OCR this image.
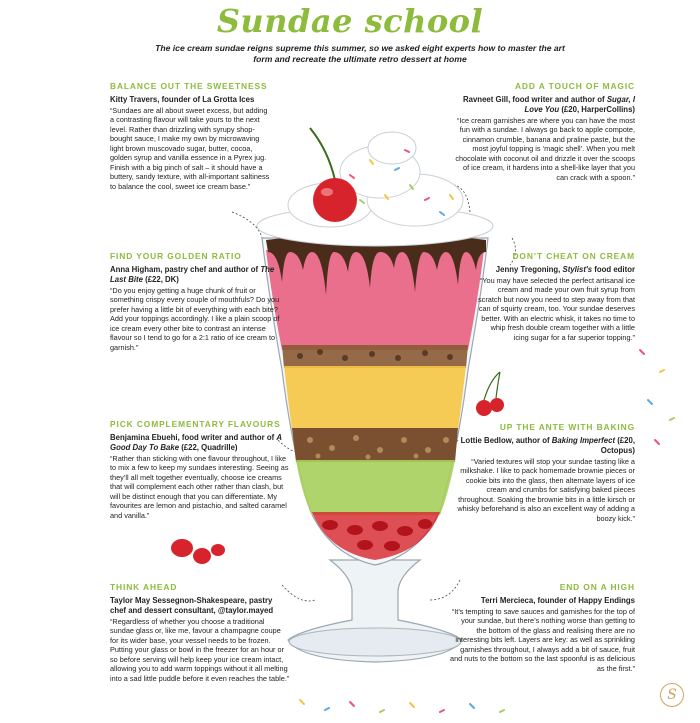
Sundae school
The ice cream sundae reigns supreme this summer, so we asked eight experts how to master the art form and recreate the ultimate retro dessert at home
BALANCE OUT THE SWEETNESS
Kitty Travers, founder of La Grotta Ices
“Sundaes are all about sweet excess, but adding a contrasting flavour will take yours to the next level. Rather than drizzling with syrupy shop-bought sauce, I make my own by microwaving light brown muscovado sugar, butter, cocoa, golden syrup and vanilla essence in a Pyrex jug. Finish with a big pinch of salt – it should have a buttery, sandy texture, with all-important saltiness to balance the cool, sweet ice cream base.”
ADD A TOUCH OF MAGIC
Ravneet Gill, food writer and author of Sugar, I Love You (£20, HarperCollins)
“Ice cream garnishes are where you can have the most fun with a sundae. I always go back to apple compote, cinnamon crumble, banana and praline paste, but the most joyful topping is ‘magic shell’. When you melt chocolate with coconut oil and drizzle it over the scoops of ice cream, it hardens into a shell-like layer that you can crack with a spoon.”
FIND YOUR GOLDEN RATIO
Anna Higham, pastry chef and author of The Last Bite (£22, DK)
“Do you enjoy getting a huge chunk of fruit or something crispy every couple of mouthfuls? Do you prefer having a little bit of everything with each bite? Add your toppings accordingly. I like a plain scoop of ice cream every other bite to contrast an intense flavour so I tend to go for a 2:1 ratio of ice cream to garnish.”
DON’T CHEAT ON CREAM
Jenny Tregoning, Stylist's food editor
“You may have selected the perfect artisanal ice cream and made your own fruit syrup from scratch but now you need to step away from that can of squirty cream, too. Your sundae deserves better. With an electric whisk, it takes no time to whip fresh double cream together with a little icing sugar for a far superior topping.”
PICK COMPLEMENTARY FLAVOURS
Benjamina Ebuehi, food writer and author of A Good Day To Bake (£22, Quadrille)
“Rather than sticking with one flavour throughout, I like to mix a few to keep my sundaes interesting. Seeing as they’ll all melt together eventually, choose ice creams that will complement each other rather than clash, but will be distinct enough that you can differentiate. My favourites are lemon and pistachio, and salted caramel and vanilla.”
UP THE ANTE WITH BAKING
Lottie Bedlow, author of Baking Imperfect (£20, Octopus)
“Varied textures will stop your sundae tasting like a milkshake. I like to pack homemade brownie pieces or cookie bits into the glass, then alternate layers of ice cream and crumbs for satisfying baked pieces throughout. Soaking the brownie bits in a little kirsch or whisky beforehand is also an excellent way of adding a boozy kick.”
THINK AHEAD
Taylor May Sessegnon-Shakespeare, pastry chef and dessert consultant, @taylor.mayed
“Regardless of whether you choose a traditional sundae glass or, like me, favour a champagne coupe for its wider base, your vessel needs to be frozen. Putting your glass or bowl in the freezer for an hour or so before serving will help keep your ice cream intact, allowing you to add warm toppings without it all melting into a sad little puddle before it even reaches the table.”
END ON A HIGH
Terri Mercieca, founder of Happy Endings
“It’s tempting to save sauces and garnishes for the top of your sundae, but there’s nothing worse than getting to the bottom of the glass and realising there are no interesting bits left. Layers are key: as well as sprinkling garnishes throughout, I always add a bit of sauce, fruit and nuts to the bottom so the last spoonful is as delicious as the first.”
S
